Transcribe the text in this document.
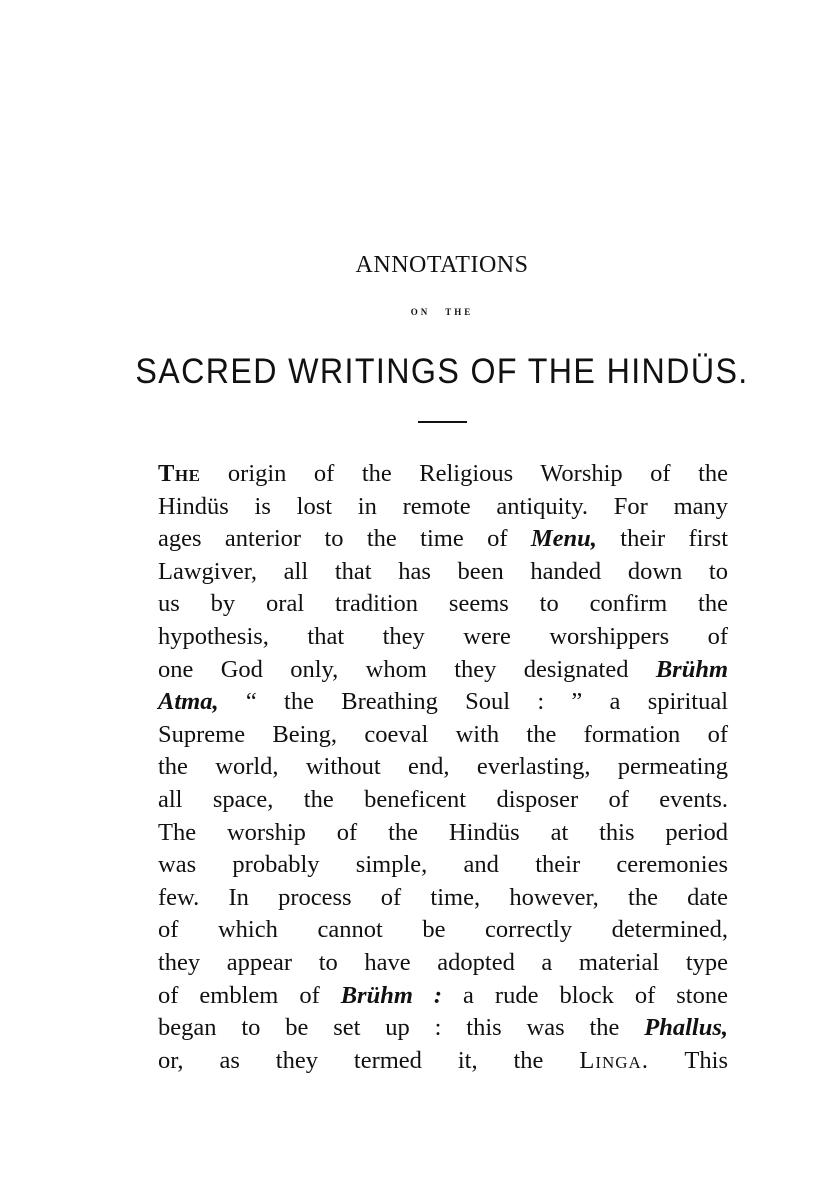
ANNOTATIONS
ON THE
SACRED WRITINGS OF THE HINDÜS.
The origin of the Religious Worship of the
Hindüs is lost in remote antiquity. For many
ages anterior to the time of Menu, their first
Lawgiver, all that has been handed down to
us by oral tradition seems to confirm the
hypothesis, that they were worshippers of
one God only, whom they designated Brühm
Atma, “ the Breathing Soul : ” a spiritual
Supreme Being, coeval with the formation of
the world, without end, everlasting, permeating
all space, the beneficent disposer of events.
The worship of the Hindüs at this period
was probably simple, and their ceremonies
few. In process of time, however, the date
of which cannot be correctly determined,
they appear to have adopted a material type
of emblem of Brühm : a rude block of stone
began to be set up : this was the Phallus,
or, as they termed it, the Linga. This
